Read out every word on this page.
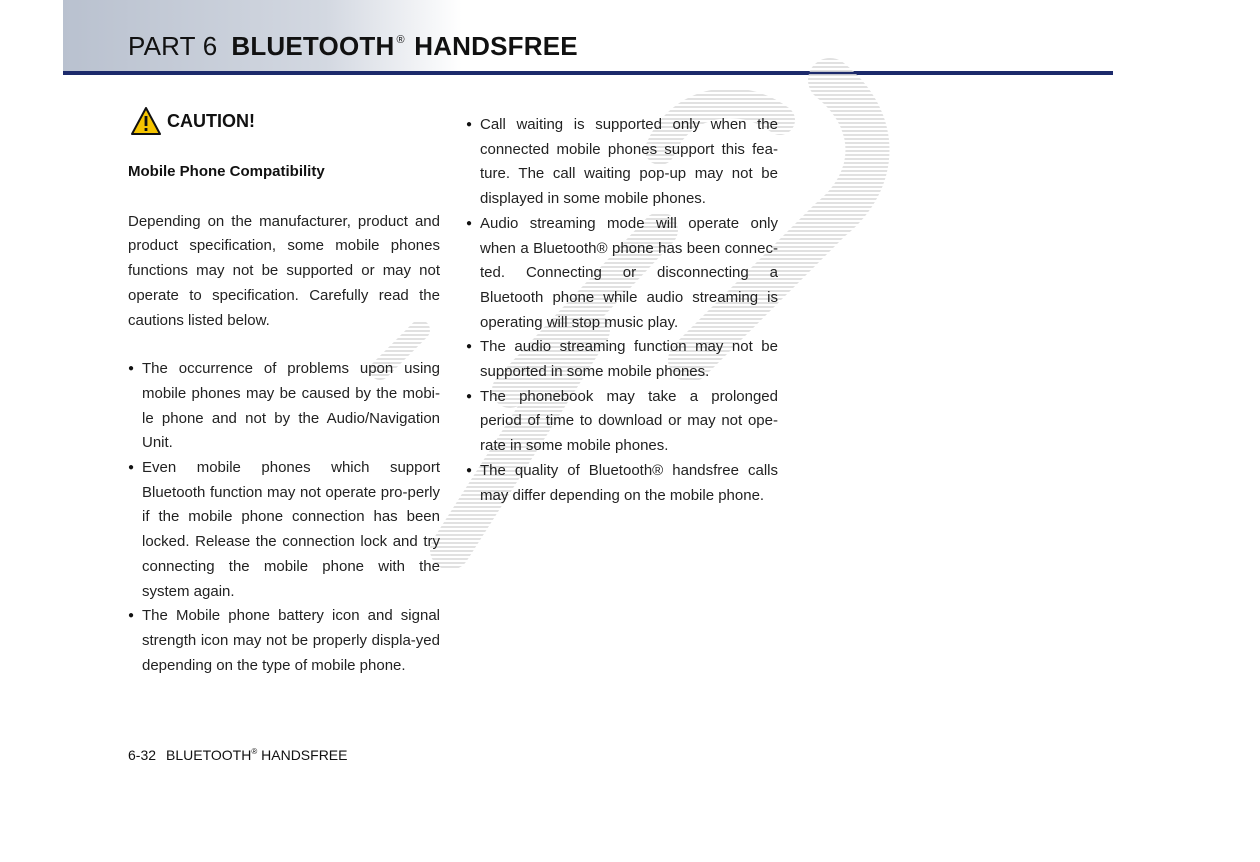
PART 6 BLUETOOTH ® HANDSFREE
CAUTION!
Mobile Phone Compatibility
Depending on the manufacturer, product and product specification, some mobile phones functions may not be supported or may not operate to specification. Carefully read the cautions listed below.
● The occurrence of problems upon using mobile phones may be caused by the mobi-le phone and not by the Audio/Navigation Unit.
● Even mobile phones which support Bluetooth function may not operate pro-perly if the mobile phone connection has been locked. Release the connection lock and try connecting the mobile phone with the system again.
● The Mobile phone battery icon and signal strength icon may not be properly displa-yed depending on the type of mobile phone.
● Call waiting is supported only when the connected mobile phones support this fea-ture. The call waiting pop-up may not be displayed in some mobile phones.
● Audio streaming mode will operate only when a Bluetooth® phone has been connec-ted. Connecting or disconnecting a Bluetooth phone while audio streaming is operating will stop music play.
● The audio streaming function may not be supported in some mobile phones.
● The phonebook may take a prolonged period of time to download or may not ope-rate in some mobile phones.
● The quality of Bluetooth® handsfree calls may differ depending on the mobile phone.
6-32 BLUETOOTH® HANDSFREE
